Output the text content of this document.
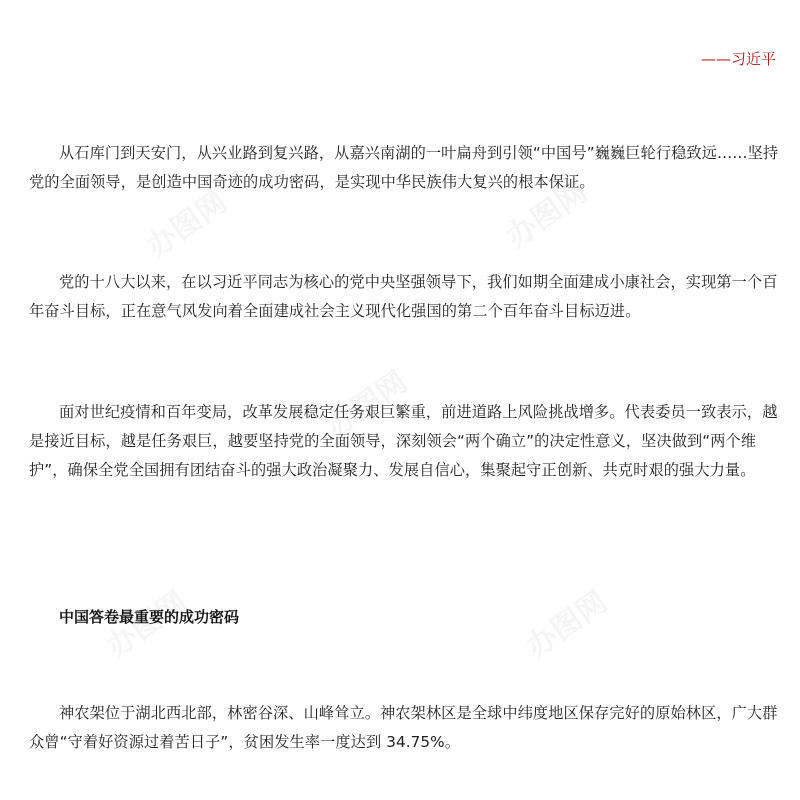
——习近平

从石库门到天安门，从兴业路到复兴路，从嘉兴南湖的一叶扁舟到引领“中国号”巍巍巨轮行稳致远……坚持党的全面领导，是创造中国奇迹的成功密码，是实现中华民族伟大复兴的根本保证。

党的十八大以来，在以习近平同志为核心的党中央坚强领导下，我们如期全面建成小康社会，实现第一个百年奋斗目标，正在意气风发向着全面建成社会主义现代化强国的第二个百年奋斗目标迈进。

面对世纪疫情和百年变局，改革发展稳定任务艰巨繁重，前进道路上风险挑战增多。代表委员一致表示，越是接近目标，越是任务艰巨，越要坚持党的全面领导，深刻领会“两个确立”的决定性意义，坚决做到“两个维护”，确保全党全国拥有团结奋斗的强大政治凝聚力、发展自信心，集聚起守正创新、共克时艰的强大力量。

中国答卷最重要的成功密码

神农架位于湖北西北部，林密谷深、山峰耸立。神农架林区是全球中纬度地区保存完好的原始林区，广大群众曾“守着好资源过着苦日子”，贫困发生率一度达到 34.75%。
